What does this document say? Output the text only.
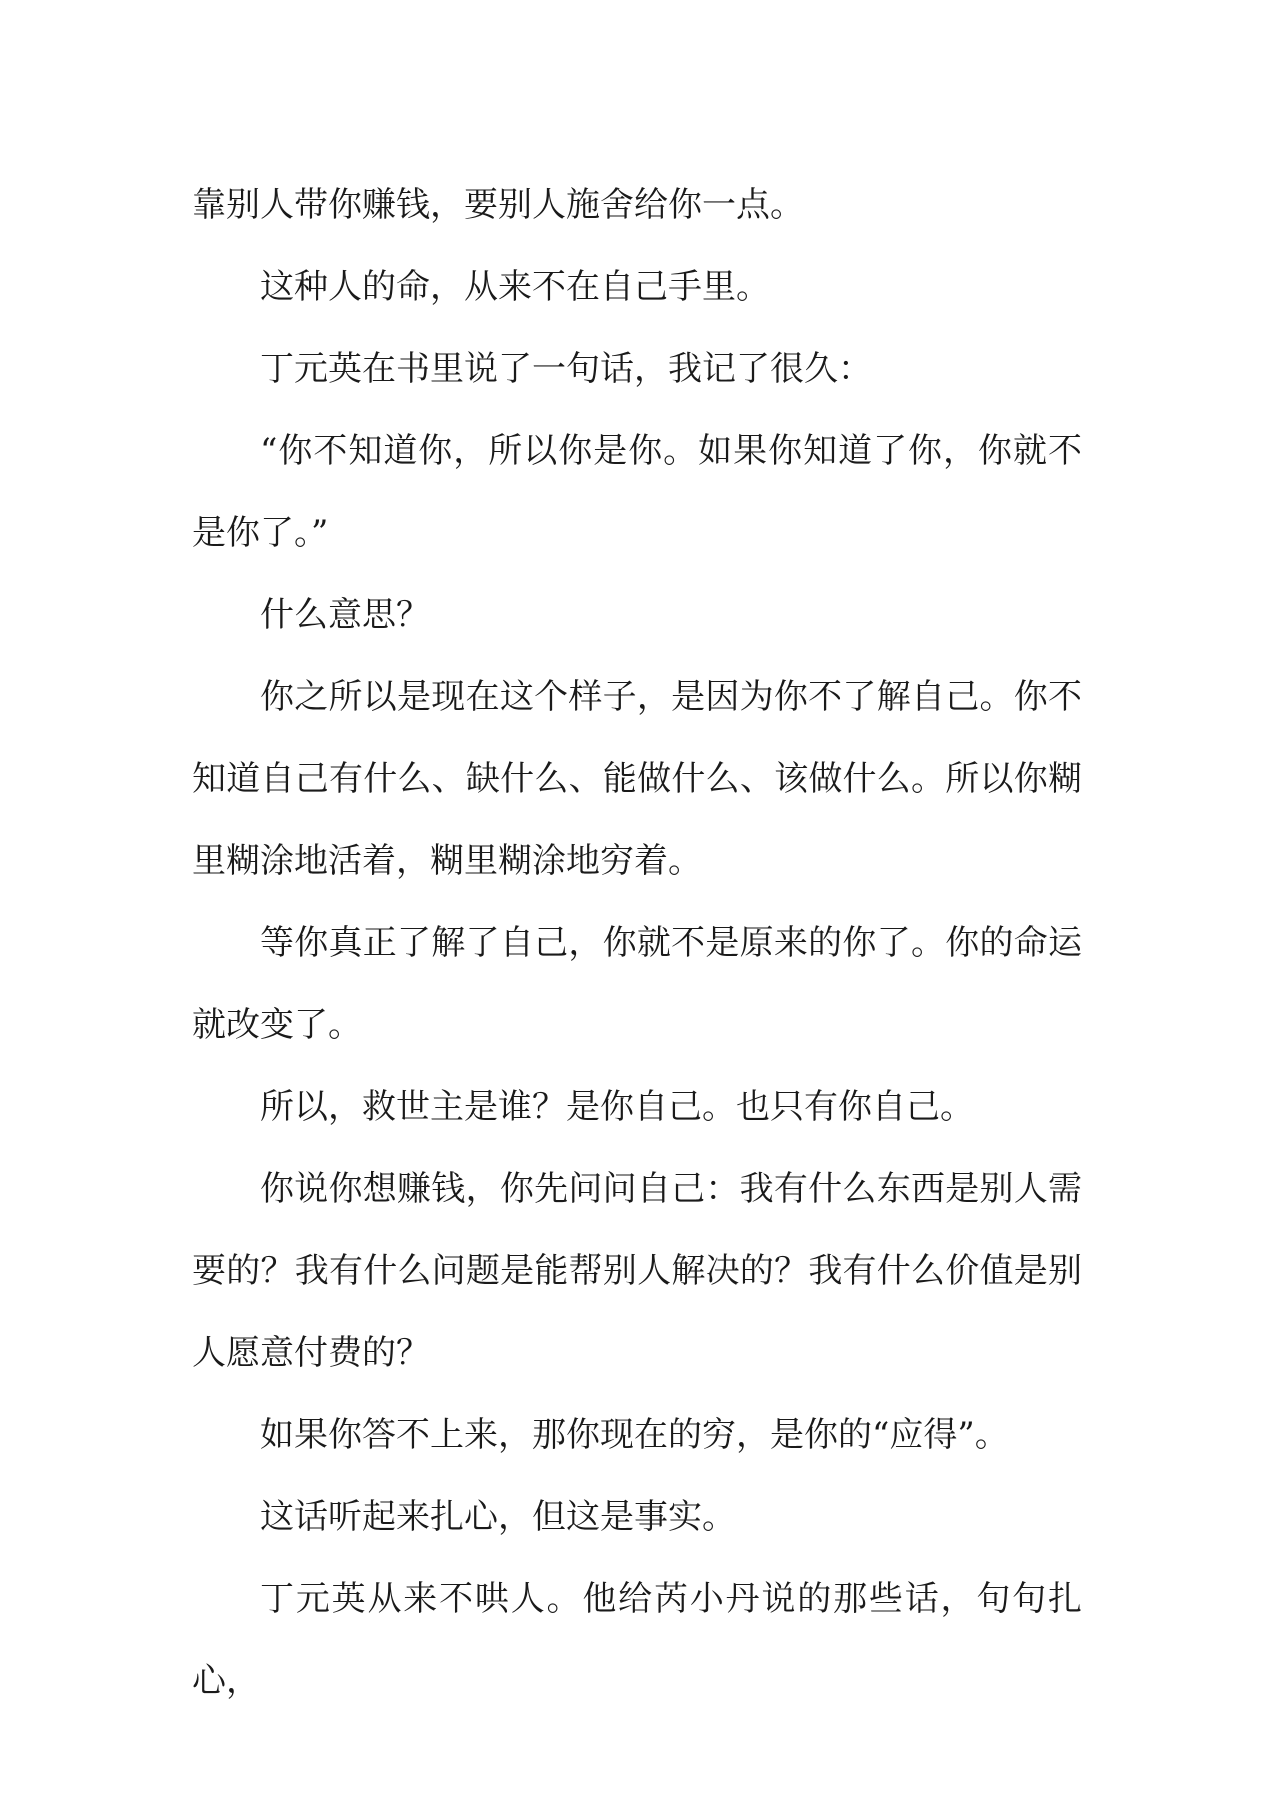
靠别人带你赚钱，要别人施舍给你一点。

这种人的命，从来不在自己手里。

丁元英在书里说了一句话，我记了很久：

“你不知道你，所以你是你。如果你知道了你，你就不是你了。”

什么意思？

你之所以是现在这个样子，是因为你不了解自己。你不知道自己有什么、缺什么、能做什么、该做什么。所以你糊里糊涂地活着，糊里糊涂地穷着。

等你真正了解了自己，你就不是原来的你了。你的命运就改变了。

所以，救世主是谁？是你自己。也只有你自己。

你说你想赚钱，你先问问自己：我有什么东西是别人需要的？我有什么问题是能帮别人解决的？我有什么价值是别人愿意付费的？

如果你答不上来，那你现在的穷，是你的“应得”。

这话听起来扎心，但这是事实。

丁元英从来不哄人。他给芮小丹说的那些话，句句扎心，
